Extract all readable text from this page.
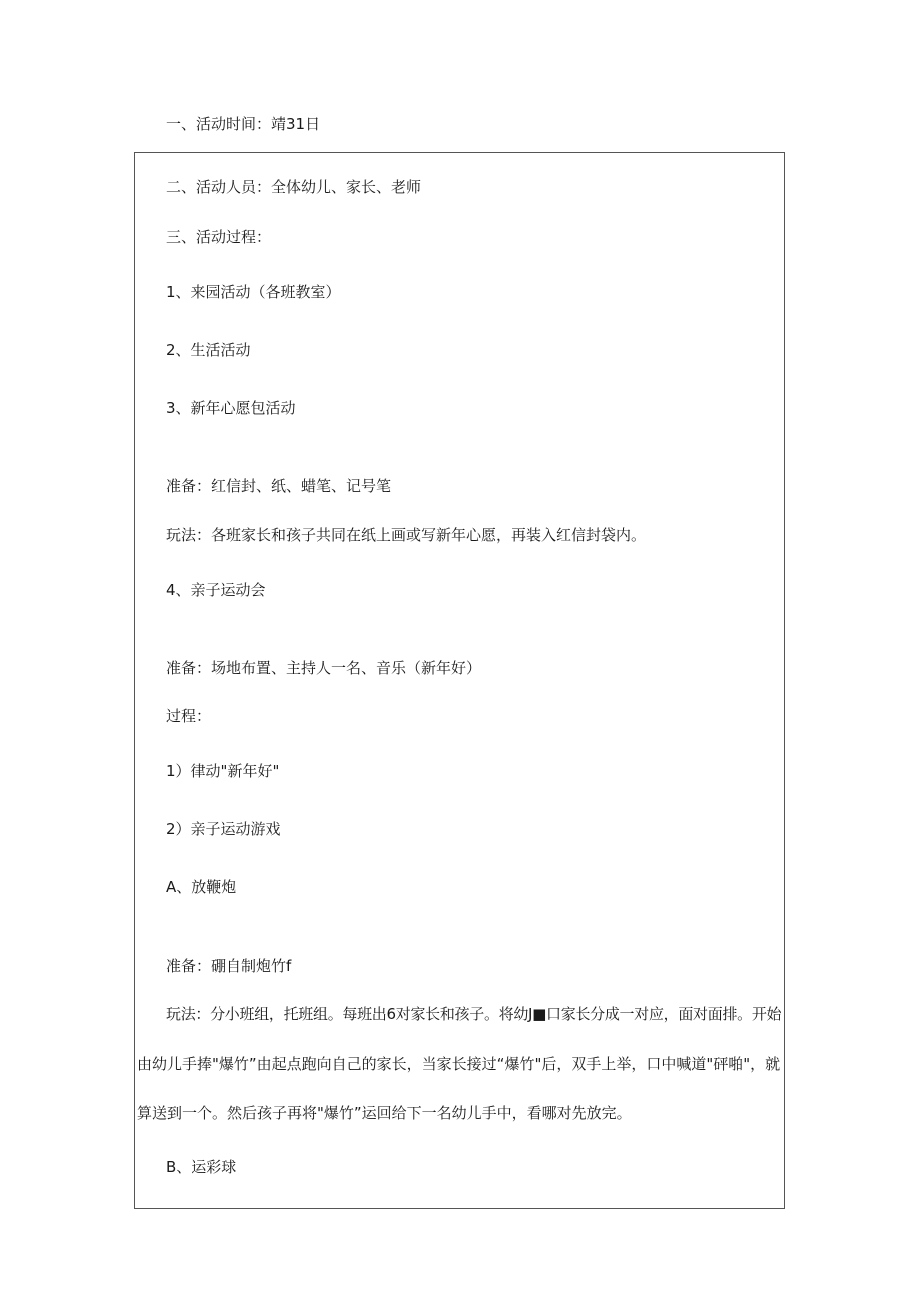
一、活动时间：靖31日
二、活动人员：全体幼儿、家长、老师
三、活动过程：
1、来园活动（各班教室）
2、生活活动
3、新年心愿包活动
准备：红信封、纸、蜡笔、记号笔
玩法：各班家长和孩子共同在纸上画或写新年心愿，再装入红信封袋内。
4、亲子运动会
准备：场地布置、主持人一名、音乐（新年好）
过程：
1）律动"新年好"
2）亲子运动游戏
A、放鞭炮
准备：硼自制炮竹f
玩法：分小班组，托班组。每班出6对家长和孩子。将幼J■口家长分成一对应，面对面排。开始
由幼儿手捧"爆竹”由起点跑向自己的家长，当家长接过“爆竹"后，双手上举，口中喊道"砰啪"，就
算送到一个。然后孩子再将"爆竹”运回给下一名幼儿手中，看哪对先放完。
B、运彩球
